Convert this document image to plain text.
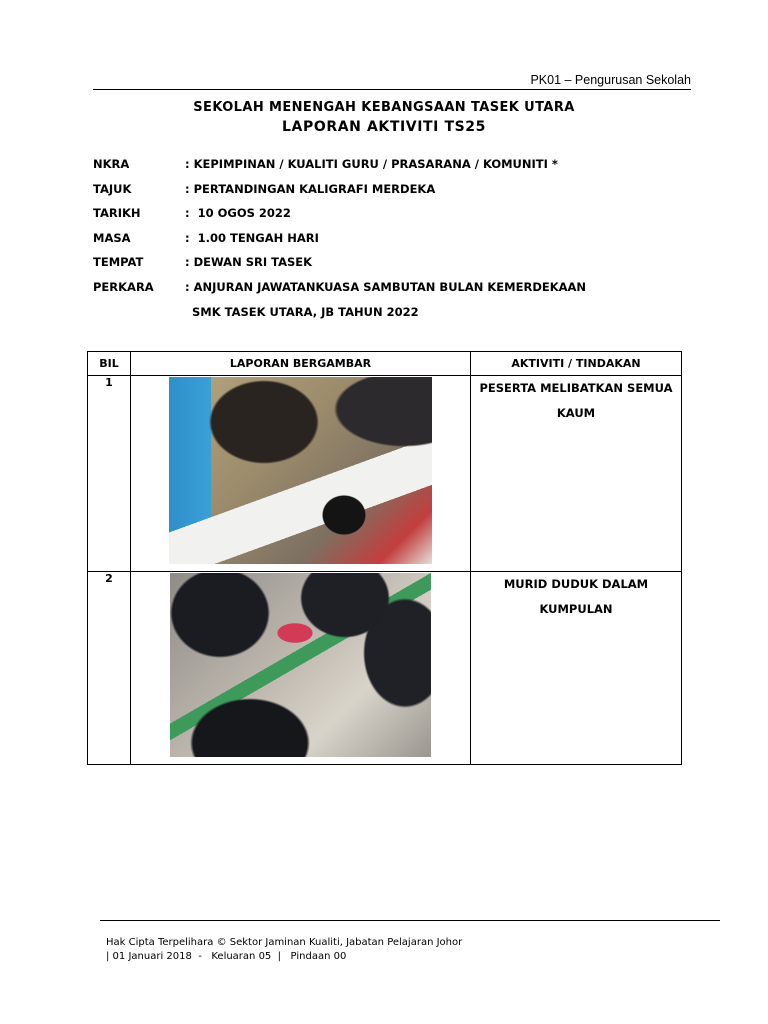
PK01 – Pengurusan Sekolah
SEKOLAH MENENGAH KEBANGSAAN TASEK UTARA
LAPORAN AKTIVITI TS25
NKRA	: KEPIMPINAN / KUALITI GURU / PRASARANA / KOMUNITI *
TAJUK	: PERTANDINGAN KALIGRAFI MERDEKA
TARIKH	:  10 OGOS 2022
MASA	:  1.00 TENGAH HARI
TEMPAT	: DEWAN SRI TASEK
PERKARA	: ANJURAN JAWATANKUASA SAMBUTAN BULAN KEMERDEKAAN
SMK TASEK UTARA, JB TAHUN 2022
BIL	LAPORAN BERGAMBAR	AKTIVITI / TINDAKAN
1		PESERTA MELIBATKAN SEMUA
KAUM

2		MURID DUDUK DALAM
KUMPULAN
Hak Cipta Terpelihara © Sektor Jaminan Kualiti, Jabatan Pelajaran Johor
| 01 Januari 2018  -   Keluaran 05  |   Pindaan 00
